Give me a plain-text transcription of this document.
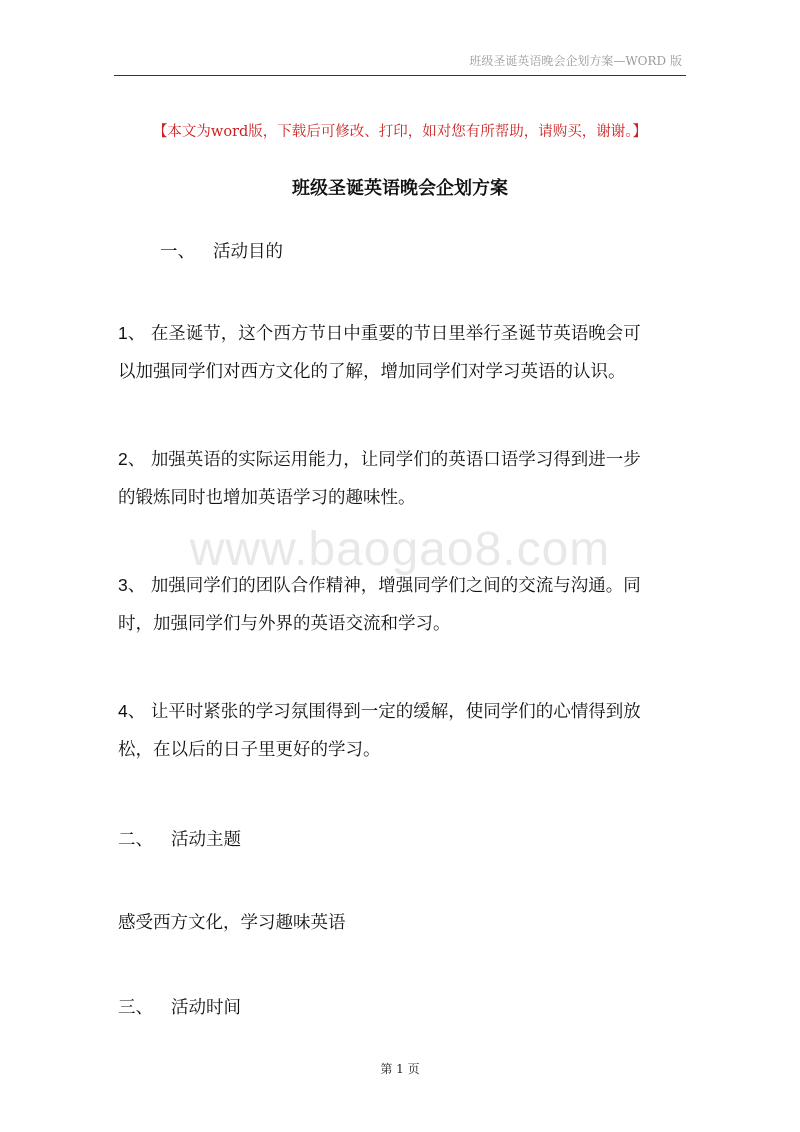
班级圣诞英语晚会企划方案—WORD 版
【本文为word版，下载后可修改、打印，如对您有所帮助，请购买，谢谢。】
班级圣诞英语晚会企划方案
一、 活动目的
1、 在圣诞节，这个西方节日中重要的节日里举行圣诞节英语晚会可
以加强同学们对西方文化的了解，增加同学们对学习英语的认识。
2、 加强英语的实际运用能力，让同学们的英语口语学习得到进一步
的锻炼同时也增加英语学习的趣味性。
www.baogao8.com
3、 加强同学们的团队合作精神，增强同学们之间的交流与沟通。同
时，加强同学们与外界的英语交流和学习。
4、 让平时紧张的学习氛围得到一定的缓解，使同学们的心情得到放
松，在以后的日子里更好的学习。
二、 活动主题
感受西方文化，学习趣味英语
三、 活动时间
第 1 页
